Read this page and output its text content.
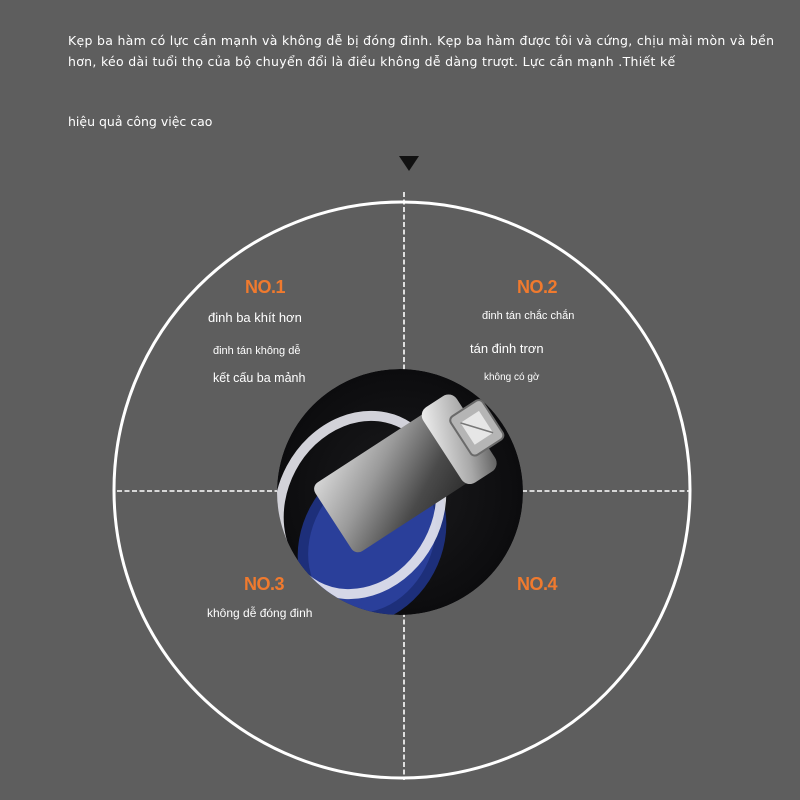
Kẹp ba hàm có lực cắn mạnh và không dễ bị đóng đinh. Kẹp ba hàm được tôi và cứng, chịu mài mòn và bền hơn, kéo dài tuổi thọ của bộ chuyển đổi là điều không dễ dàng trượt. Lực cắn mạnh .Thiết kế
hiệu quả công việc cao
NO.1
đinh ba khít hơn
đinh tán không dễ
kết cấu ba mảnh
NO.2
đinh tán chắc chắn
tán đinh trơn
không có gờ
NO.3
không dễ đóng đinh
NO.4
